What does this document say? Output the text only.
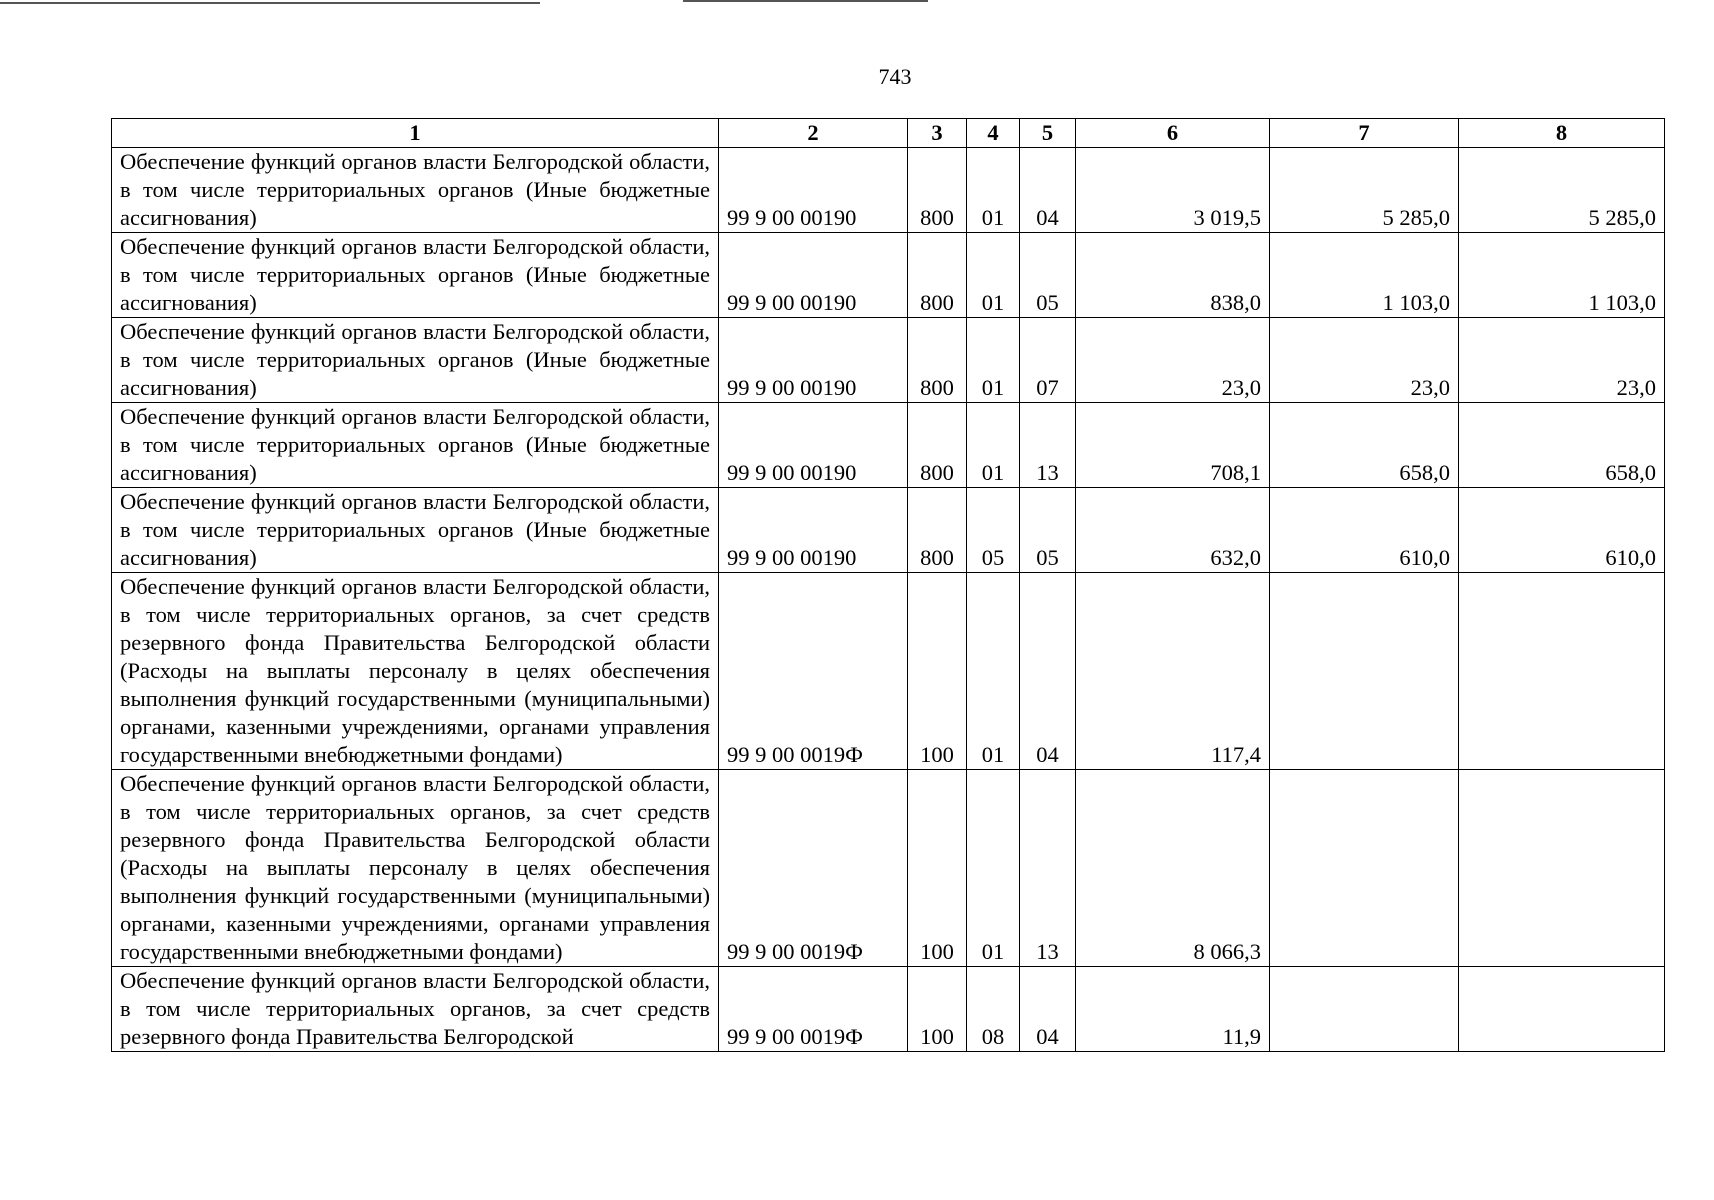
743
1	2	3	4	5	6	7	8
Обеспечение функций органов власти Белгородской области, в том числе территориальных органов (Иные бюджетные ассигнования)	99 9 00 00190	800	01	04	3 019,5	5 285,0	5 285,0
Обеспечение функций органов власти Белгородской области, в том числе территориальных органов (Иные бюджетные ассигнования)	99 9 00 00190	800	01	05	838,0	1 103,0	1 103,0
Обеспечение функций органов власти Белгородской области, в том числе территориальных органов (Иные бюджетные ассигнования)	99 9 00 00190	800	01	07	23,0	23,0	23,0
Обеспечение функций органов власти Белгородской области, в том числе территориальных органов (Иные бюджетные ассигнования)	99 9 00 00190	800	01	13	708,1	658,0	658,0
Обеспечение функций органов власти Белгородской области, в том числе территориальных органов (Иные бюджетные ассигнования)	99 9 00 00190	800	05	05	632,0	610,0	610,0
Обеспечение функций органов власти Белгородской области, в том числе территориальных органов, за счет средств резервного фонда Правительства Белгородской области (Расходы на выплаты персоналу в целях обеспечения выполнения функций государственными (муниципальными) органами, казенными учреждениями, органами управления государственными внебюджетными фондами)	99 9 00 0019Ф	100	01	04	117,4		
Обеспечение функций органов власти Белгородской области, в том числе территориальных органов, за счет средств резервного фонда Правительства Белгородской области (Расходы на выплаты персоналу в целях обеспечения выполнения функций государственными (муниципальными) органами, казенными учреждениями, органами управления государственными внебюджетными фондами)	99 9 00 0019Ф	100	01	13	8 066,3		
Обеспечение функций органов власти Белгородской области, в том числе территориальных органов, за счет средств резервного фонда Правительства Белгородской	99 9 00 0019Ф	100	08	04	11,9		
